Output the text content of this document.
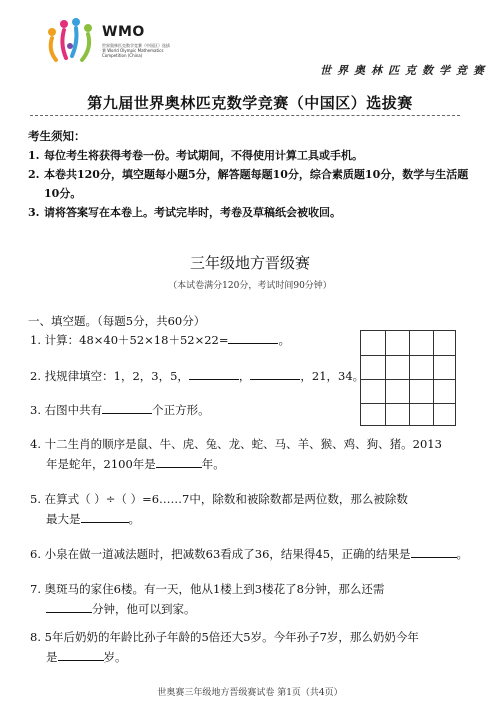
WMO
世界奥林匹克数学竞赛（中国区）选拔赛 World Olympic Mathematics Competition (China)
世界奥林匹克数学竞赛
第九届世界奥林匹克数学竞赛（中国区）选拔赛
考生须知：
1. 每位考生将获得考卷一份。考试期间，不得使用计算工具或手机。
2. 本卷共120分，填空题每小题5分，解答题每题10分，综合素质题10分，数学与生活题10分。
3. 请将答案写在本卷上。考试完毕时，考卷及草稿纸会被收回。
三年级地方晋级赛
（本试卷满分120分，考试时间90分钟）
一、填空题。（每题5分，共60分）
1. 计算：48×40＋52×18＋52×22=	。
2. 找规律填空：1，2，3，5，	，	，21，34。
3. 右图中共有	个正方形。
4. 十二生肖的顺序是鼠、牛、虎、兔、龙、蛇、马、羊、猴、鸡、狗、猪。2013
年是蛇年，2100年是	年。
5. 在算式（ ）÷（ ）=6……7中，除数和被除数都是两位数，那么被除数
最大是	。
6. 小泉在做一道减法题时，把减数63看成了36，结果得45，正确的结果是	。
7. 奥斑马的家住6楼。有一天，他从1楼上到3楼花了8分钟，那么还需
分钟，他可以到家。
8. 5年后奶奶的年龄比孙子年龄的5倍还大5岁。今年孙子7岁，那么奶奶今年
是	岁。
世奥赛三年级地方晋级赛试卷 第1页（共4页）
